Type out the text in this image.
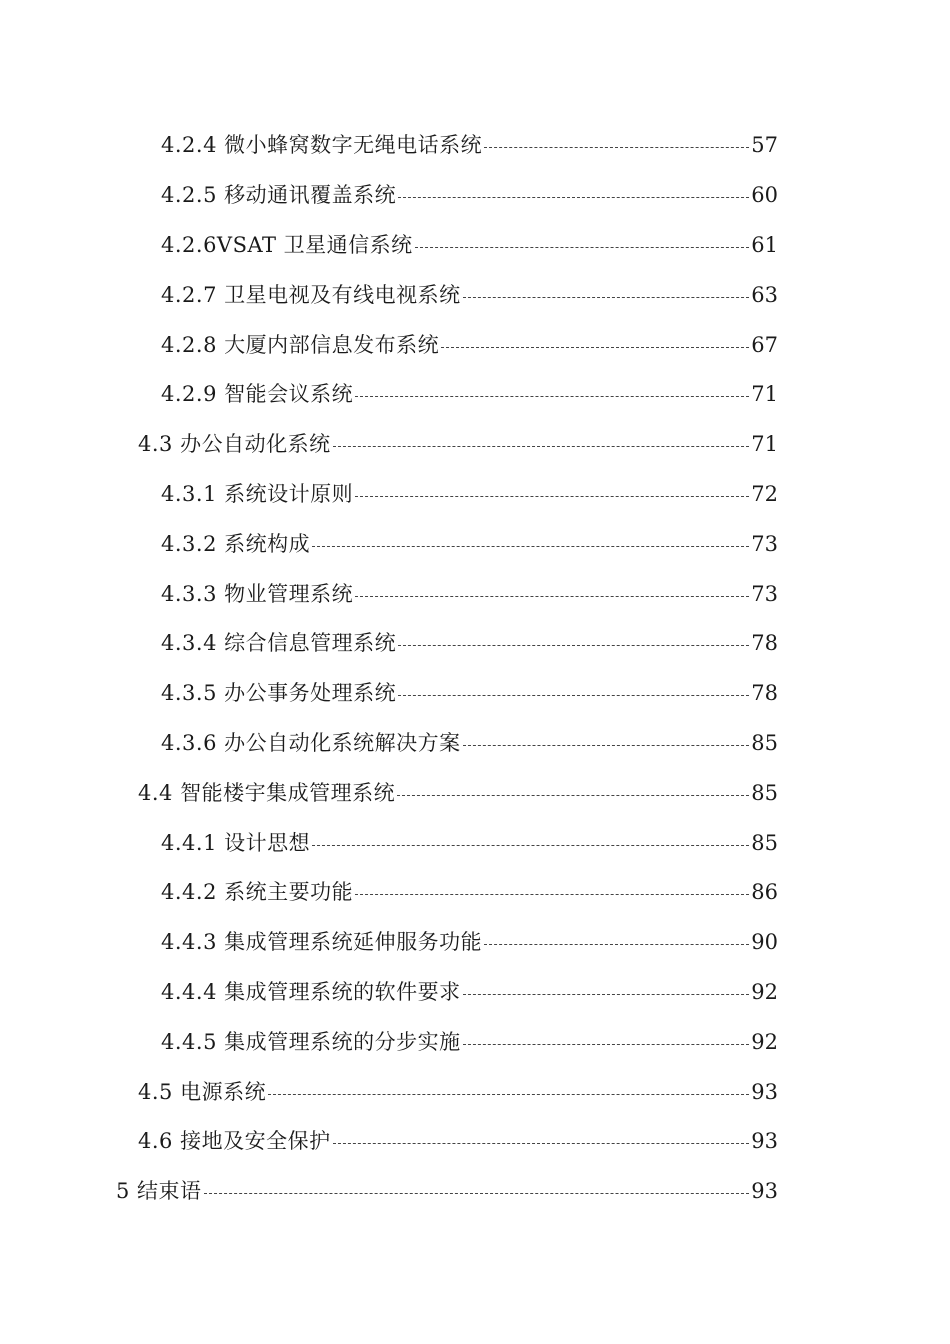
4.2.4 微小蜂窝数字无绳电话系统	57
4.2.5 移动通讯覆盖系统	60
4.2.6VSAT 卫星通信系统	61
4.2.7 卫星电视及有线电视系统	63
4.2.8 大厦内部信息发布系统	67
4.2.9 智能会议系统	71
4.3 办公自动化系统	71
4.3.1 系统设计原则	72
4.3.2 系统构成	73
4.3.3 物业管理系统	73
4.3.4 综合信息管理系统	78
4.3.5 办公事务处理系统	78
4.3.6 办公自动化系统解决方案	85
4.4 智能楼宇集成管理系统	85
4.4.1 设计思想	85
4.4.2 系统主要功能	86
4.4.3 集成管理系统延伸服务功能	90
4.4.4 集成管理系统的软件要求	92
4.4.5 集成管理系统的分步实施	92
4.5 电源系统	93
4.6 接地及安全保护	93
5 结束语	93
